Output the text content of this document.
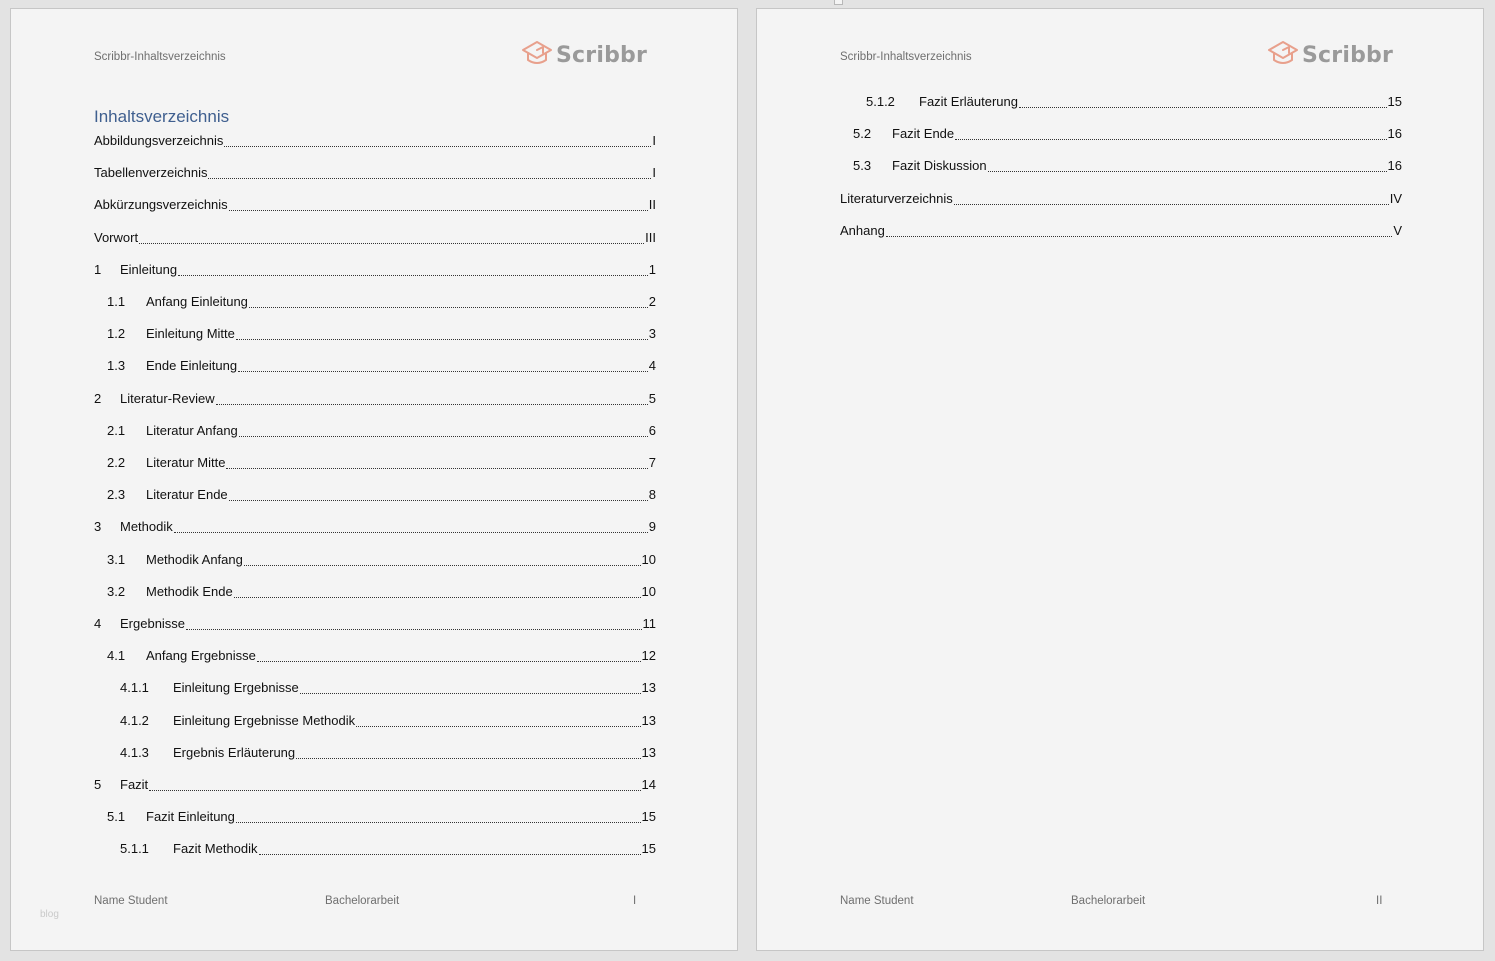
Scribbr-Inhaltsverzeichnis	Scribbr
Inhaltsverzeichnis
Abbildungsverzeichnis	I
Tabellenverzeichnis	I
Abkürzungsverzeichnis	II
Vorwort	III
1	Einleitung	1
1.1	Anfang Einleitung	2
1.2	Einleitung Mitte	3
1.3	Ende Einleitung	4
2	Literatur-Review	5
2.1	Literatur Anfang	6
2.2	Literatur Mitte	7
2.3	Literatur Ende	8
3	Methodik	9
3.1	Methodik Anfang	10
3.2	Methodik Ende	10
4	Ergebnisse	11
4.1	Anfang Ergebnisse	12
4.1.1	Einleitung Ergebnisse	13
4.1.2	Einleitung Ergebnisse Methodik	13
4.1.3	Ergebnis Erläuterung	13
5	Fazit	14
5.1	Fazit Einleitung	15
5.1.1	Fazit Methodik	15
Name Student	Bachelorarbeit	I
blog
Scribbr-Inhaltsverzeichnis	Scribbr
5.1.2	Fazit Erläuterung	15
5.2	Fazit Ende	16
5.3	Fazit Diskussion	16
Literaturverzeichnis	IV
Anhang	V
Name Student	Bachelorarbeit	II
